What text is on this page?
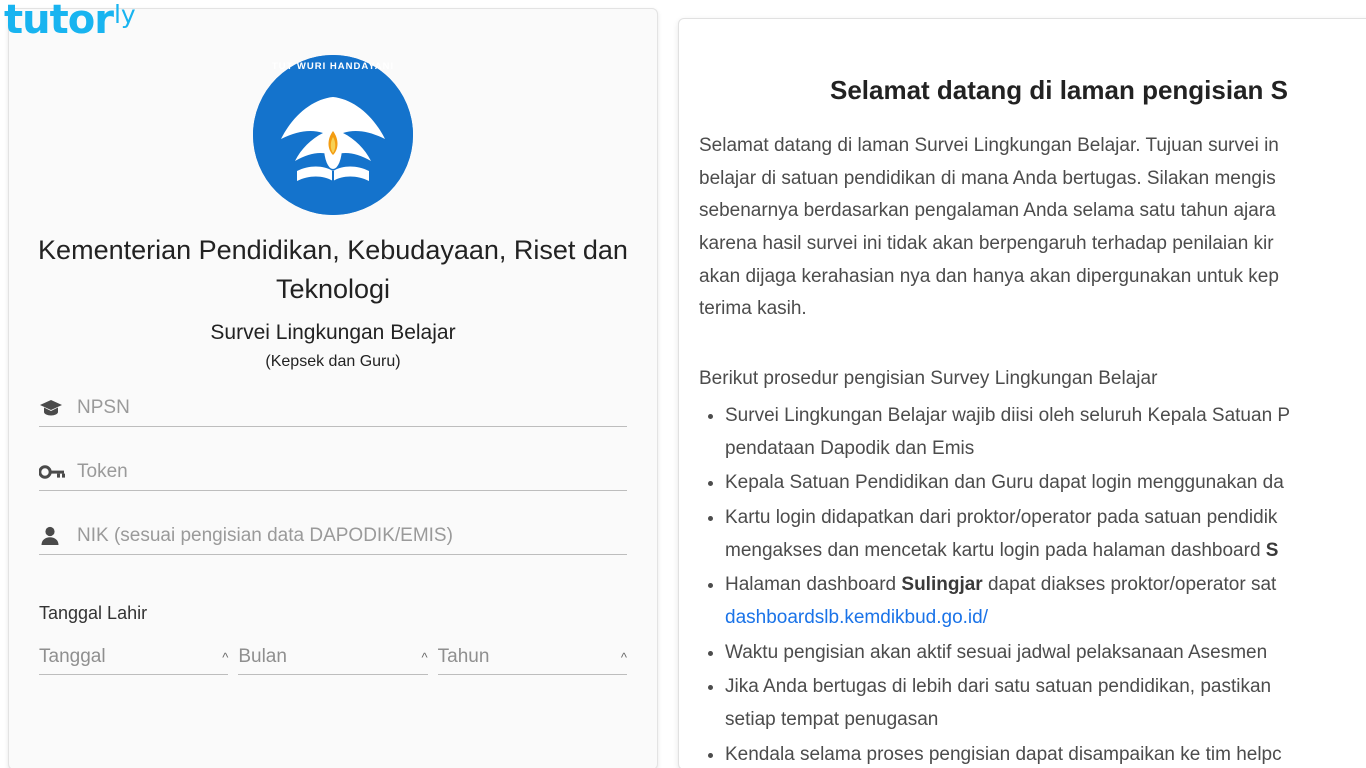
tutor ly
TUT WURI HANDAYANI
Kementerian Pendidikan, Kebudayaan, Riset dan Teknologi
Survei Lingkungan Belajar
(Kepsek dan Guru)
NPSN
Token
NIK (sesuai pengisian data DAPODIK/EMIS)
Tanggal Lahir
Tanggal	^ Bulan	^ Tahun	^
Selamat datang di laman pengisian S
Selamat datang di laman Survei Lingkungan Belajar. Tujuan survei in
belajar di satuan pendidikan di mana Anda bertugas. Silakan mengis
sebenarnya berdasarkan pengalaman Anda selama satu tahun ajara
karena hasil survei ini tidak akan berpengaruh terhadap penilaian kir
akan dijaga kerahasian nya dan hanya akan dipergunakan untuk kep
terima kasih.
Berikut prosedur pengisian Survey Lingkungan Belajar
• Survei Lingkungan Belajar wajib diisi oleh seluruh Kepala Satuan P
pendataan Dapodik dan Emis
• Kepala Satuan Pendidikan dan Guru dapat login menggunakan da
• Kartu login didapatkan dari proktor/operator pada satuan pendidik
mengakses dan mencetak kartu login pada halaman dashboard S
• Halaman dashboard Sulingjar dapat diakses proktor/operator sat
dashboardslb.kemdikbud.go.id/
• Waktu pengisian akan aktif sesuai jadwal pelaksanaan Asesmen
• Jika Anda bertugas di lebih dari satu satuan pendidikan, pastikan
setiap tempat penugasan
• Kendala selama proses pengisian dapat disampaikan ke tim helpc
